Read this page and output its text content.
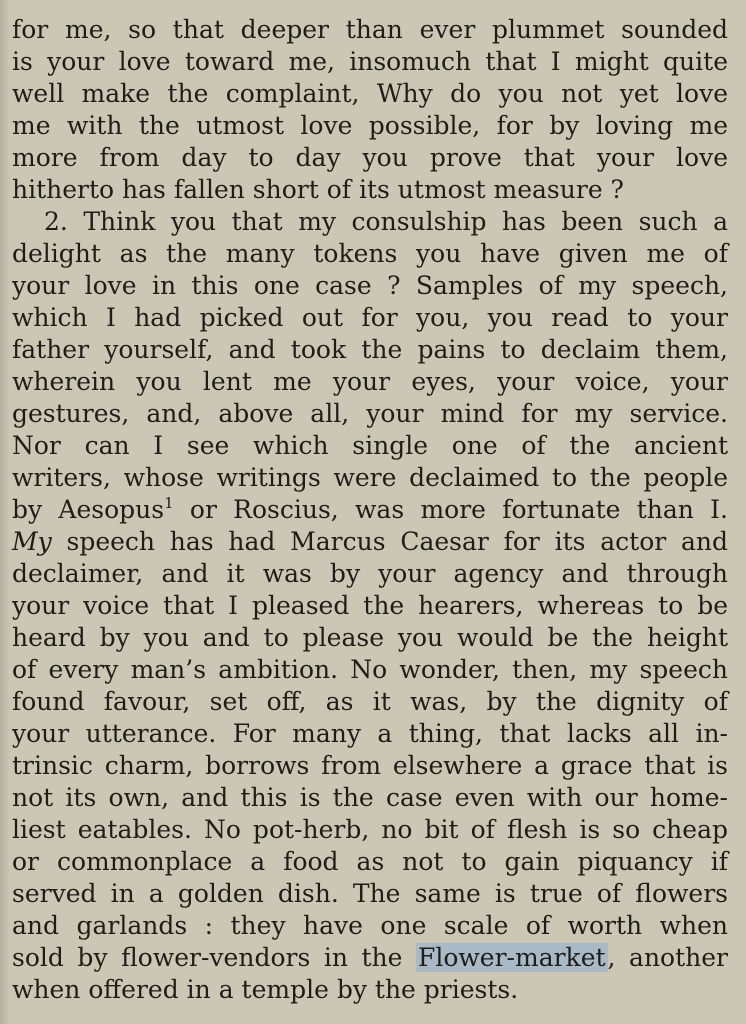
for me, so that deeper than ever plummet sounded
is your love toward me, insomuch that I might quite
well make the complaint, Why do you not yet love
me with the utmost love possible, for by loving me
more from day to day you prove that your love
hitherto has fallen short of its utmost measure ?
2. Think you that my consulship has been such a
delight as the many tokens you have given me of
your love in this one case ? Samples of my speech,
which I had picked out for you, you read to your
father yourself, and took the pains to declaim them,
wherein you lent me your eyes, your voice, your
gestures, and, above all, your mind for my service.
Nor can I see which single one of the ancient
writers, whose writings were declaimed to the people
by Aesopus$^1$ or Roscius, was more fortunate than I.
My speech has had Marcus Caesar for its actor and
declaimer, and it was by your agency and through
your voice that I pleased the hearers, whereas to be
heard by you and to please you would be the height
of every man’s ambition. No wonder, then, my speech
found favour, set off, as it was, by the dignity of
your utterance. For many a thing, that lacks all in-
trinsic charm, borrows from elsewhere a grace that is
not its own, and this is the case even with our home-
liest eatables. No pot-herb, no bit of flesh is so cheap
or commonplace a food as not to gain piquancy if
served in a golden dish. The same is true of flowers
and garlands : they have one scale of worth when
sold by flower-vendors in the Flower-market, another
when offered in a temple by the priests.
